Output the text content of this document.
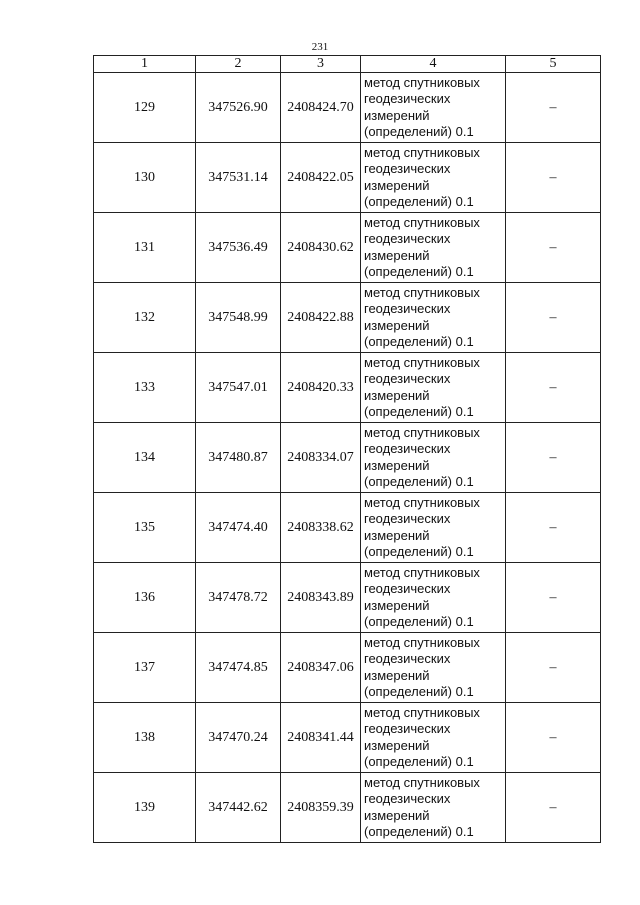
231
1	2	3	4	5
129	347526.90	2408424.70	метод спутниковых
геодезических
измерений
(определений) 0.1	–
130	347531.14	2408422.05	метод спутниковых
геодезических
измерений
(определений) 0.1	–
131	347536.49	2408430.62	метод спутниковых
геодезических
измерений
(определений) 0.1	–
132	347548.99	2408422.88	метод спутниковых
геодезических
измерений
(определений) 0.1	–
133	347547.01	2408420.33	метод спутниковых
геодезических
измерений
(определений) 0.1	–
134	347480.87	2408334.07	метод спутниковых
геодезических
измерений
(определений) 0.1	–
135	347474.40	2408338.62	метод спутниковых
геодезических
измерений
(определений) 0.1	–
136	347478.72	2408343.89	метод спутниковых
геодезических
измерений
(определений) 0.1	–
137	347474.85	2408347.06	метод спутниковых
геодезических
измерений
(определений) 0.1	–
138	347470.24	2408341.44	метод спутниковых
геодезических
измерений
(определений) 0.1	–
139	347442.62	2408359.39	метод спутниковых
геодезических
измерений
(определений) 0.1	–
